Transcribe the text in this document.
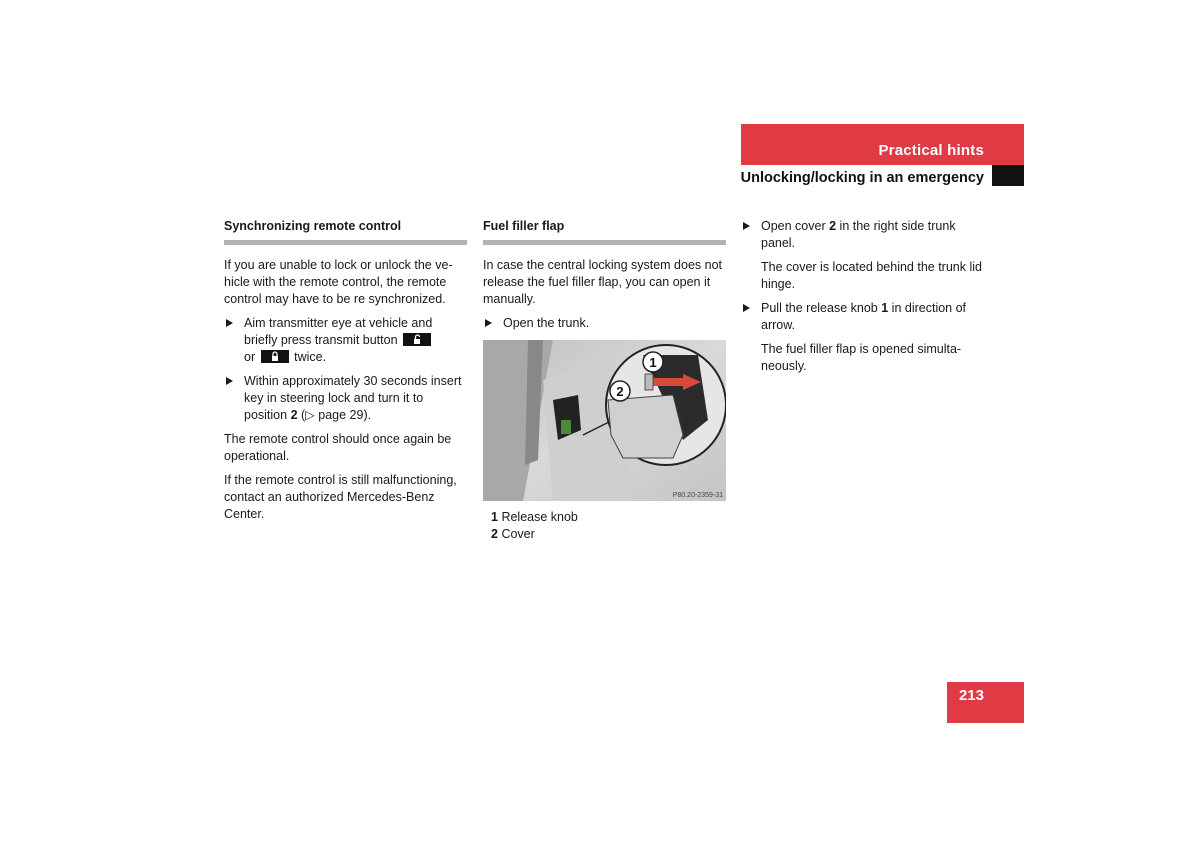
Practical hints
Unlocking/locking in an emergency
Synchronizing remote control

If you are unable to lock or unlock the ve-hicle with the remote control, the remote control may have to be re synchronized.

Aim transmitter eye at vehicle and briefly press transmit button

or	twice.
Within approximately 30 seconds insert key in steering lock and turn it to position 2 (▷ page 29).

The remote control should once again be operational.

If the remote control is still malfunctioning, contact an authorized Mercedes-Benz Center.

Fuel filler flap

In case the central locking system does not release the fuel filler flap, you can open it manually.

Open the trunk.
1
2
P80.20-2359-31
1 Release knob
2 Cover
Open cover 2 in the right side trunk panel.

The cover is located behind the trunk lid hinge.

Pull the release knob 1 in direction of arrow.

The fuel filler flap is opened simulta-neously.

213
